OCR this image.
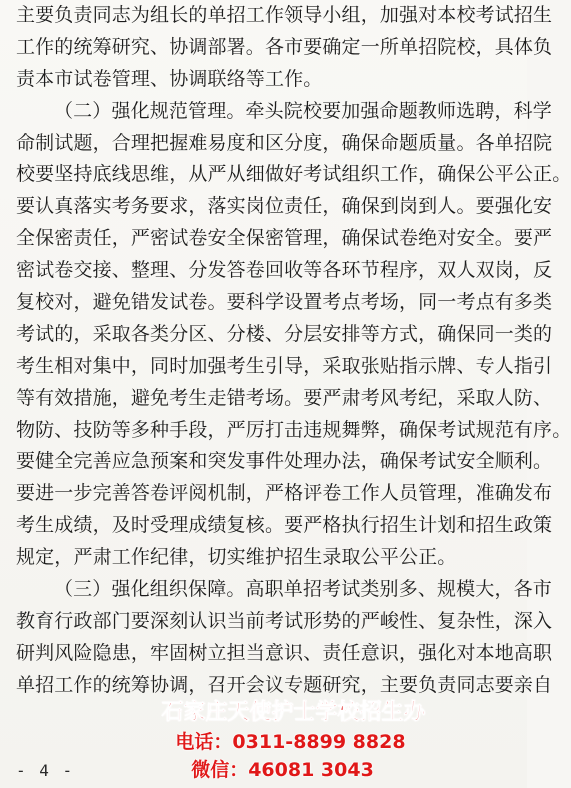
主要负责同志为组长的单招工作领导小组，加强对本校考试招生
工作的统筹研究、协调部署。各市要确定一所单招院校，具体负
责本市试卷管理、协调联络等工作。
（二）强化规范管理。牵头院校要加强命题教师选聘，科学
命制试题，合理把握难易度和区分度，确保命题质量。各单招院
校要坚持底线思维，从严从细做好考试组织工作，确保公平公正。
要认真落实考务要求，落实岗位责任，确保到岗到人。要强化安
全保密责任，严密试卷安全保密管理，确保试卷绝对安全。要严
密试卷交接、整理、分发答卷回收等各环节程序，双人双岗，反
复校对，避免错发试卷。要科学设置考点考场，同一考点有多类
考试的，采取各类分区、分楼、分层安排等方式，确保同一类的
考生相对集中，同时加强考生引导，采取张贴指示牌、专人指引
等有效措施，避免考生走错考场。要严肃考风考纪，采取人防、
物防、技防等多种手段，严厉打击违规舞弊，确保考试规范有序。
要健全完善应急预案和突发事件处理办法，确保考试安全顺利。
要进一步完善答卷评阅机制，严格评卷工作人员管理，准确发布
考生成绩，及时受理成绩复核。要严格执行招生计划和招生政策
规定，严肃工作纪律，切实维护招生录取公平公正。
（三）强化组织保障。高职单招考试类别多、规模大，各市
教育行政部门要深刻认识当前考试形势的严峻性、复杂性，深入
研判风险隐患，牢固树立担当意识、责任意识，强化对本地高职
单招工作的统筹协调，召开会议专题研究，主要负责同志要亲自
- 4 -
石家庄天使护士学校招生办
电话：0311-8899 8828
微信：46081 3043
